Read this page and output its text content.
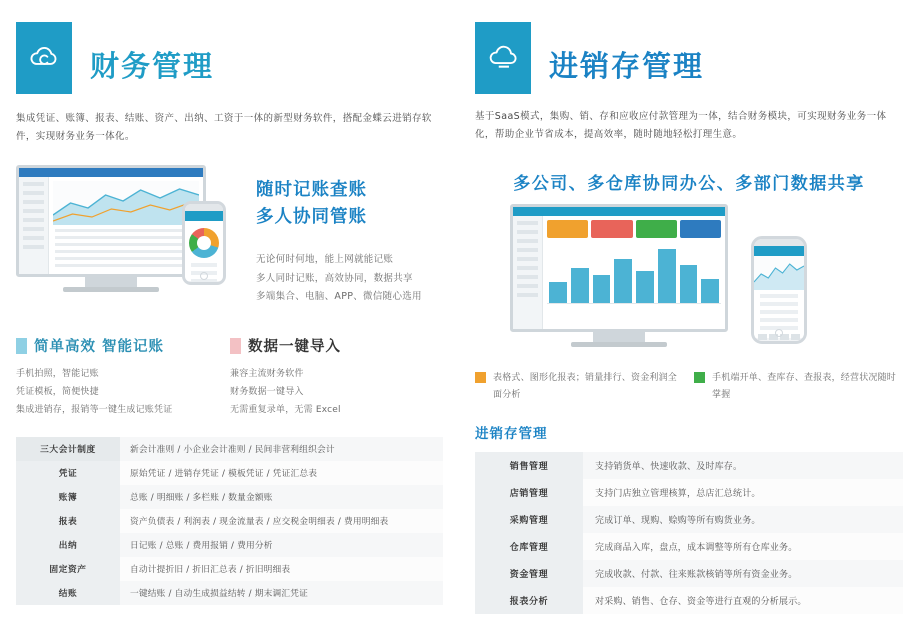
财务管理
集成凭证、账簿、报表、结账、资产、出纳、工资于一体的新型财务软件，搭配金蝶云进销存软件，实现财务业务一体化。
随时记账查账
多人协同管账
无论何时何地，能上网就能记账
多人同时记账，高效协同，数据共享
多端集合、电脑、APP、微信随心选用
简单高效 智能记账
手机拍照，智能记账
凭证模板，简便快捷
集成进销存，报销等一键生成记账凭证
数据一键导入
兼容主流财务软件
财务数据一键导入
无需重复录单，无需 Excel
三大会计制度	新会计准则 / 小企业会计准则 / 民间非营利组织会计
凭证	原始凭证 / 进销存凭证 / 模板凭证 / 凭证汇总表
账簿	总账 / 明细账 / 多栏账 / 数量金额账
报表	资产负债表 / 利润表 / 现金流量表 / 应交税金明细表 / 费用明细表
出纳	日记账 / 总账 / 费用报销 / 费用分析
固定资产	自动计提折旧 / 折旧汇总表 / 折旧明细表
结账	一键结账 / 自动生成损益结转 / 期末调汇凭证
进销存管理
基于SaaS模式，集购、销、存和应收应付款管理为一体，结合财务模块，可实现财务业务一体化，帮助企业节省成本，提高效率，随时随地轻松打理生意。
多公司、多仓库协同办公、多部门数据共享
表格式、图形化报表；销量排行、资金利润全面分析
手机端开单、查库存、查报表，经营状况随时掌握
进销存管理
销售管理	支持销货单、快速收款、及时库存。
店销管理	支持门店独立管理核算，总店汇总统计。
采购管理	完成订单、现购、赊购等所有购货业务。
仓库管理	完成商品入库，盘点，成本调整等所有仓库业务。
资金管理	完成收款、付款、往来账款核销等所有资金业务。
报表分析	对采购、销售、仓存、资金等进行直观的分析展示。
